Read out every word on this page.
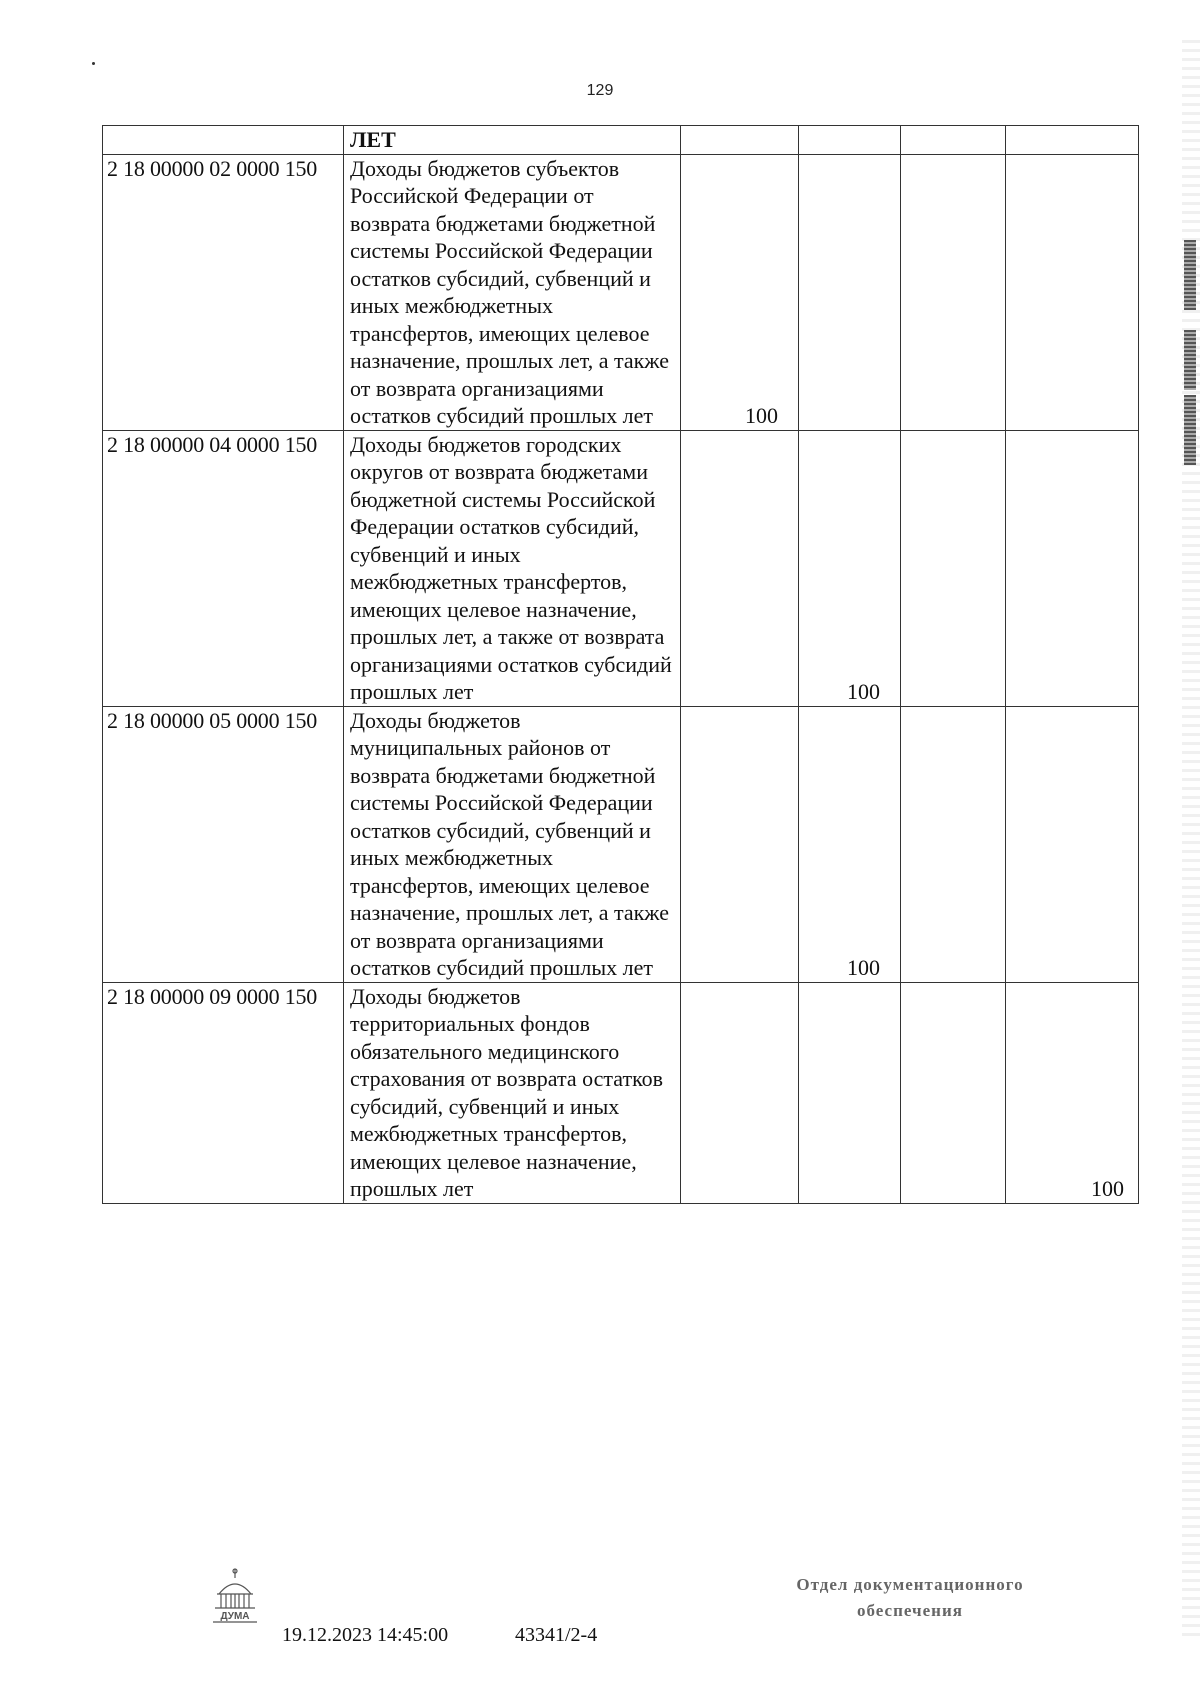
129
	ЛЕТ				
2 18 00000 02 0000 150	Доходы бюджетов субъектов Российской Федерации от возврата бюджетами бюджетной системы Российской Федерации остатков субсидий, субвенций и иных межбюджетных трансфертов, имеющих целевое назначение, прошлых лет, а также от возврата организациями остатков субсидий прошлых лет	100			
2 18 00000 04 0000 150	Доходы бюджетов городских округов от возврата бюджетами бюджетной системы Российской Федерации остатков субсидий, субвенций и иных межбюджетных трансфертов, имеющих целевое назначение, прошлых лет, а также от возврата организациями остатков субсидий прошлых лет		100		
2 18 00000 05 0000 150	Доходы бюджетов муниципальных районов от возврата бюджетами бюджетной системы Российской Федерации остатков субсидий, субвенций и иных межбюджетных трансфертов, имеющих целевое назначение, прошлых лет, а также от возврата организациями остатков субсидий прошлых лет		100		
2 18 00000 09 0000 150	Доходы бюджетов территориальных фондов обязательного медицинского страхования от возврата остатков субсидий, субвенций и иных межбюджетных трансфертов, имеющих целевое назначение, прошлых лет				100
ДУМА
19.12.2023 14:45:00	43341/2-4
Отдел документационного
обеспечения
